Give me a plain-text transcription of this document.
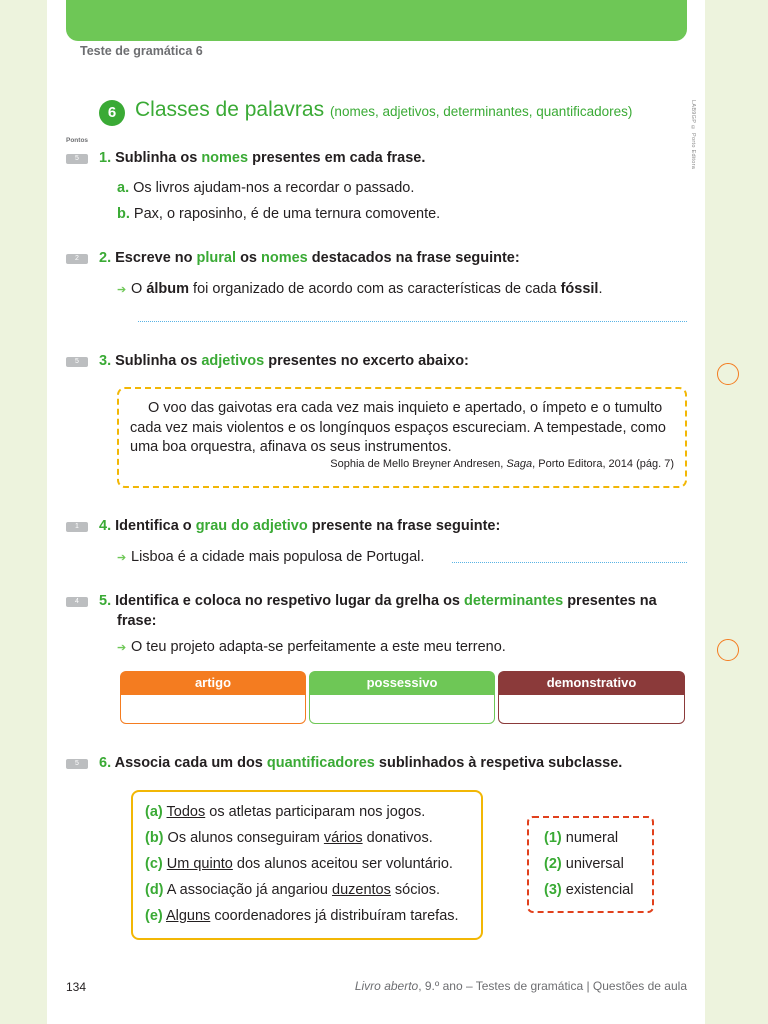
Teste de gramática 6
LAB9GP © Porto Editora
6 Classes de palavras (nomes, adjetivos, determinantes, quantificadores)
Pontos
5	1. Sublinha os nomes presentes em cada frase.
a. Os livros ajudam-nos a recordar o passado.
b. Pax, o raposinho, é de uma ternura comovente.
2	2. Escreve no plural os nomes destacados na frase seguinte:
➔ O álbum foi organizado de acordo com as características de cada fóssil.
5	3. Sublinha os adjetivos presentes no excerto abaixo:
O voo das gaivotas era cada vez mais inquieto e apertado, o ímpeto e o tumulto cada vez mais violentos e os longínquos espaços escureciam. A tempestade, como uma boa orquestra, afinava os seus instrumentos.
Sophia de Mello Breyner Andresen, Saga, Porto Editora, 2014 (pág. 7)
1	4. Identifica o grau do adjetivo presente na frase seguinte:
➔ Lisboa é a cidade mais populosa de Portugal.
4	5. Identifica e coloca no respetivo lugar da grelha os determinantes presentes na
frase:
➔ O teu projeto adapta-se perfeitamente a este meu terreno.
artigo	possessivo	demonstrativo
5	6. Associa cada um dos quantificadores sublinhados à respetiva subclasse.
(a) Todos os atletas participaram nos jogos.
(b) Os alunos conseguiram vários donativos.
(c) Um quinto dos alunos aceitou ser voluntário.
(d) A associação já angariou duzentos sócios.
(e) Alguns coordenadores já distribuíram tarefas.
(1) numeral
(2) universal
(3) existencial
134	Livro aberto, 9.º ano – Testes de gramática | Questões de aula
